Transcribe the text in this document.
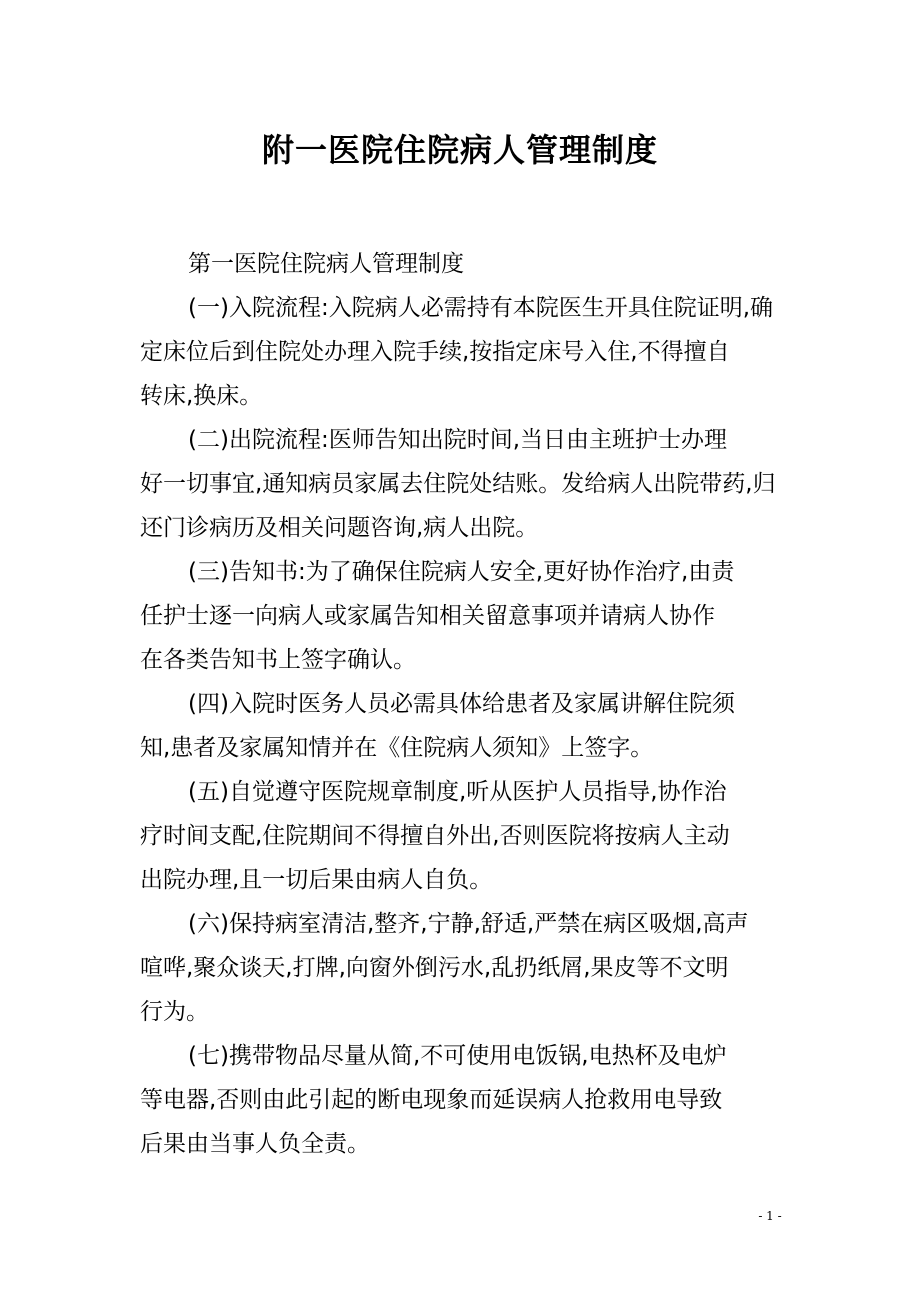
附一医院住院病人管理制度
第一医院住院病人管理制度
(一)入院流程:入院病人必需持有本院医生开具住院证明,确
定床位后到住院处办理入院手续,按指定床号入住,不得擅自
转床,换床。
(二)出院流程:医师告知出院时间,当日由主班护士办理
好一切事宜,通知病员家属去住院处结账。发给病人出院带药,归
还门诊病历及相关问题咨询,病人出院。
(三)告知书:为了确保住院病人安全,更好协作治疗,由责
任护士逐一向病人或家属告知相关留意事项并请病人协作
在各类告知书上签字确认。
(四)入院时医务人员必需具体给患者及家属讲解住院须
知,患者及家属知情并在《住院病人须知》上签字。
(五)自觉遵守医院规章制度,听从医护人员指导,协作治
疗时间支配,住院期间不得擅自外出,否则医院将按病人主动
出院办理,且一切后果由病人自负。
(六)保持病室清洁,整齐,宁静,舒适,严禁在病区吸烟,高声
喧哗,聚众谈天,打牌,向窗外倒污水,乱扔纸屑,果皮等不文明
行为。
(七)携带物品尽量从简,不可使用电饭锅,电热杯及电炉
等电器,否则由此引起的断电现象而延误病人抢救用电导致
后果由当事人负全责。
- 1 -
